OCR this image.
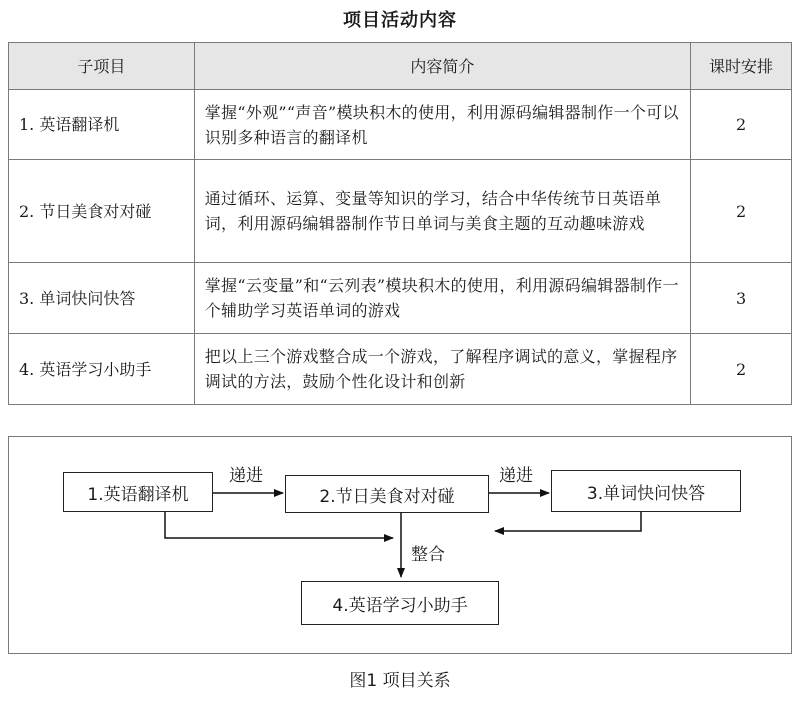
项目活动内容
子项目	内容简介	课时安排
1. 英语翻译机	掌握“外观”“声音”模块积木的使用，利用源码编辑器制作一个可以识别多种语言的翻译机	2
2. 节日美食对对碰	通过循环、运算、变量等知识的学习，结合中华传统节日英语单词，利用源码编辑器制作节日单词与美食主题的互动趣味游戏	2
3. 单词快问快答	掌握“云变量”和“云列表”模块积木的使用，利用源码编辑器制作一个辅助学习英语单词的游戏	3
4. 英语学习小助手	把以上三个游戏整合成一个游戏，了解程序调试的意义，掌握程序调试的方法，鼓励个性化设计和创新	2
1.英语翻译机	2.节日美食对对碰	3.单词快问快答
4.英语学习小助手
递进	递进
整合
图1 项目关系
